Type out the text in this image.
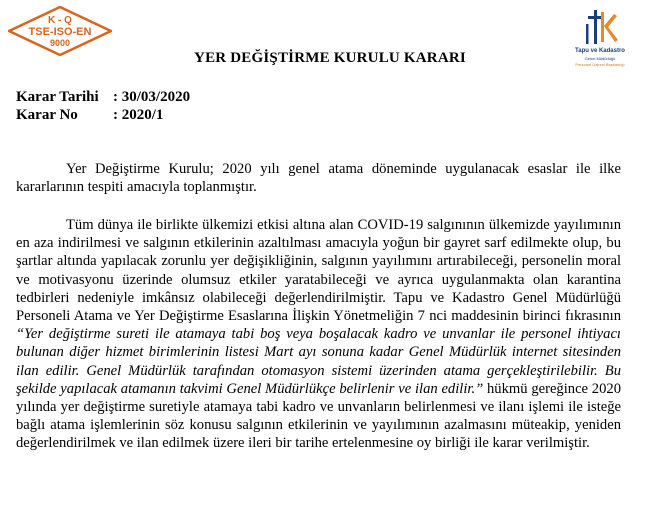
K - Q
TSE-ISO-EN
9000
Tapu ve Kadastro
Genel Müdürlüğü
Personel Dairesi Başkanlığı
YER DEĞİŞTİRME KURULU KARARI
Karar Tarihi : 30/03/2020
Karar No : 2020/1
Yer Değiştirme Kurulu; 2020 yılı genel atama döneminde uygulanacak esaslar ile ilke kararlarının tespiti amacıyla toplanmıştır.
Tüm dünya ile birlikte ülkemizi etkisi altına alan COVID-19 salgınının ülkemizde yayılımının en aza indirilmesi ve salgının etkilerinin azaltılması amacıyla yoğun bir gayret sarf edilmekte olup, bu şartlar altında yapılacak zorunlu yer değişikliğinin, salgının yayılımını artırabileceği, personelin moral ve motivasyonu üzerinde olumsuz etkiler yaratabileceği ve ayrıca uygulanmakta olan karantina tedbirleri nedeniyle imkânsız olabileceği değerlendirilmiştir. Tapu ve Kadastro Genel Müdürlüğü Personeli Atama ve Yer Değiştirme Esaslarına İlişkin Yönetmeliğin 7 nci maddesinin birinci fıkrasının “Yer değiştirme sureti ile atamaya tabi boş veya boşalacak kadro ve unvanlar ile personel ihtiyacı bulunan diğer hizmet birimlerinin listesi Mart ayı sonuna kadar Genel Müdürlük internet sitesinden ilan edilir. Genel Müdürlük tarafından otomasyon sistemi üzerinden atama gerçekleştirilebilir. Bu şekilde yapılacak atamanın takvimi Genel Müdürlükçe belirlenir ve ilan edilir.” hükmü gereğince 2020 yılında yer değiştirme suretiyle atamaya tabi kadro ve unvanların belirlenmesi ve ilanı işlemi ile isteğe bağlı atama işlemlerinin söz konusu salgının etkilerinin ve yayılımının azalmasını müteakip, yeniden değerlendirilmek ve ilan edilmek üzere ileri bir tarihe ertelenmesine oy birliği ile karar verilmiştir.
